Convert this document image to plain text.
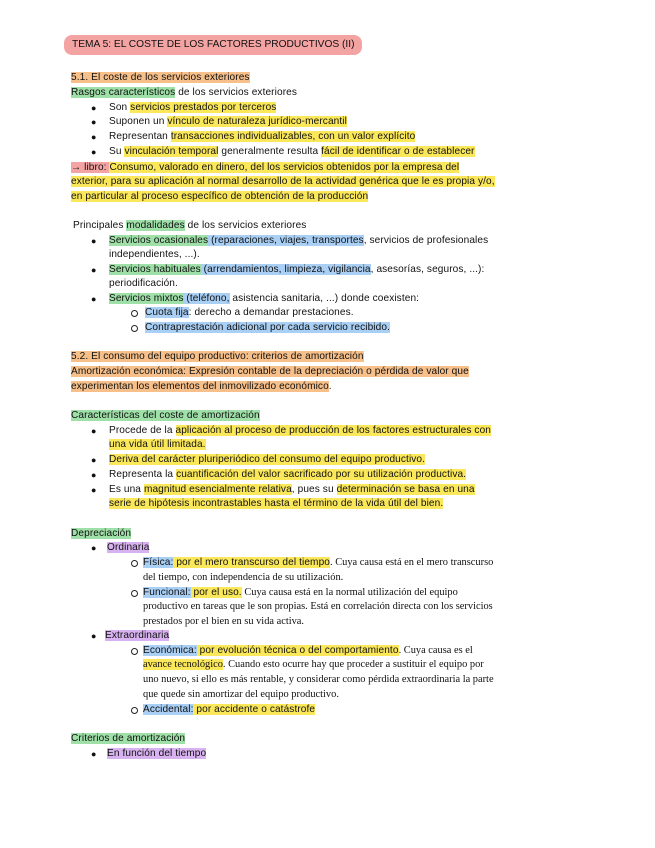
TEMA 5: EL COSTE DE LOS FACTORES PRODUCTIVOS (II)
5.1. El coste de los servicios exteriores
Rasgos característicos de los servicios exteriores
● Son servicios prestados por terceros
● Suponen un vínculo de naturaleza jurídico-mercantil
● Representan transacciones individualizables, con un valor explícito
● Su vinculación temporal generalmente resulta fácil de identificar o de establecer
→ libro: Consumo, valorado en dinero, del los servicios obtenidos por la empresa del
exterior, para su aplicación al normal desarrollo de la actividad genérica que le es propia y/o,
en particular al proceso específico de obtención de la producción
Principales modalidades de los servicios exteriores
● Servicios ocasionales (reparaciones, viajes, transportes, servicios de profesionales
independientes, ...).
● Servicios habituales (arrendamientos, limpieza, vigilancia, asesorías, seguros, ...):
periodificación.
● Servicios mixtos (teléfono, asistencia sanitaria, ...) donde coexisten:
Cuota fija: derecho a demandar prestaciones.
Contraprestación adicional por cada servicio recibido.
5.2. El consumo del equipo productivo: criterios de amortización
Amortización económica: Expresión contable de la depreciación o pérdida de valor que
experimentan los elementos del inmovilizado económico.
Características del coste de amortización
● Procede de la aplicación al proceso de producción de los factores estructurales con
una vida útil limitada.
● Deriva del carácter pluriperiódico del consumo del equipo productivo.
● Representa la cuantificación del valor sacrificado por su utilización productiva.
● Es una magnitud esencialmente relativa, pues su determinación se basa en una
serie de hipótesis incontrastables hasta el término de la vida útil del bien.
Depreciación
● Ordinaria
Física: por el mero transcurso del tiempo. Cuya causa está en el mero transcurso
del tiempo, con independencia de su utilización.
Funcional: por el uso. Cuya causa está en la normal utilización del equipo
productivo en tareas que le son propias. Está en correlación directa con los servicios
prestados por el bien en su vida activa.
● Extraordinaria
Económica: por evolución técnica o del comportamiento. Cuya causa es el
avance tecnológico. Cuando esto ocurre hay que proceder a sustituir el equipo por
uno nuevo, si ello es más rentable, y considerar como pérdida extraordinaria la parte
que quede sin amortizar del equipo productivo.
Accidental: por accidente o catástrofe
Criterios de amortización
● En función del tiempo
